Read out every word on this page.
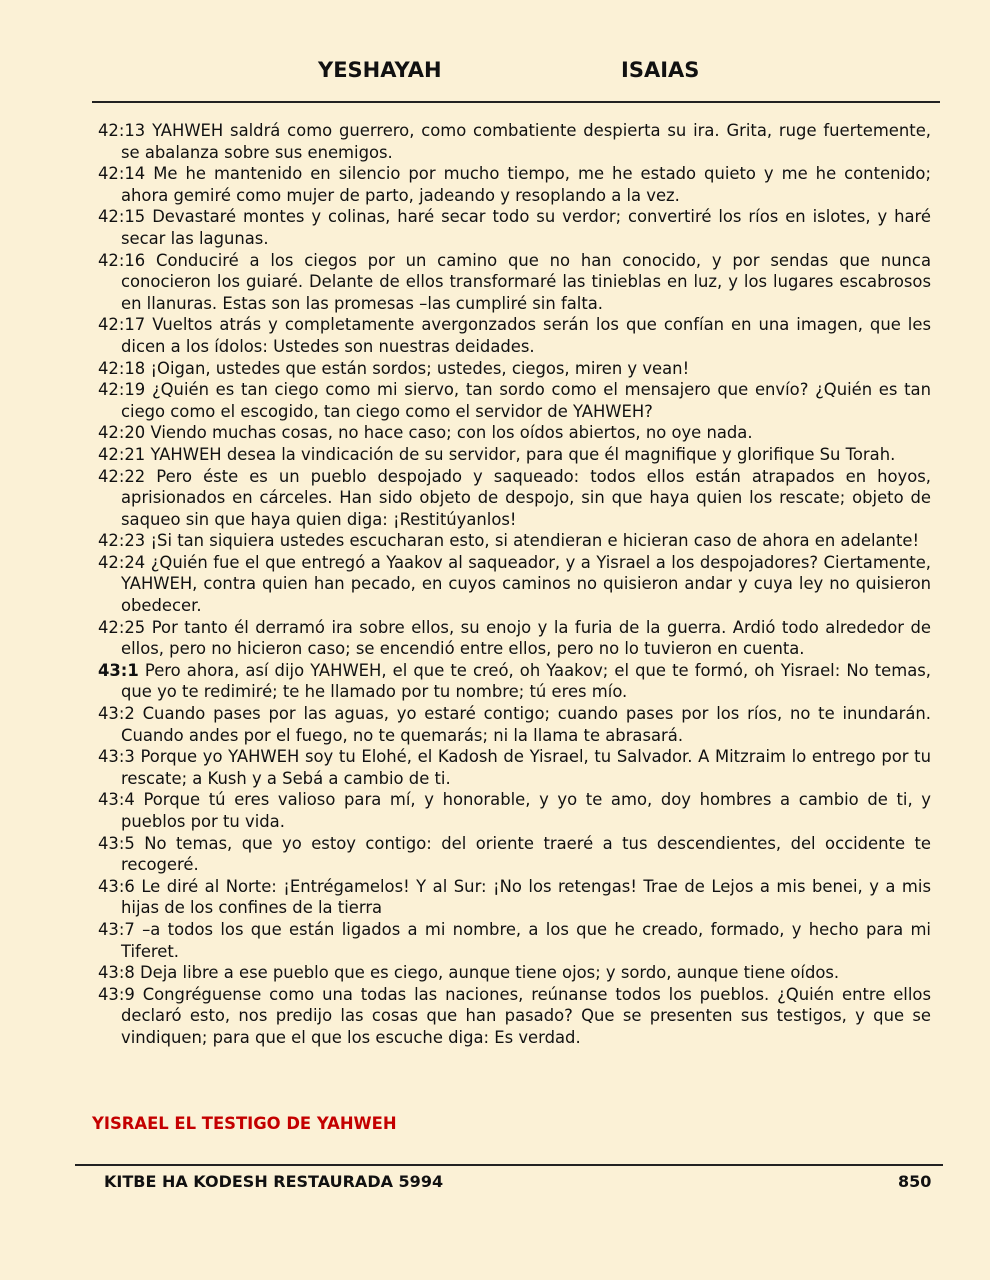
YESHAYAH	ISAIAS

42:13 YAHWEH saldrá como guerrero, como combatiente despierta su ira. Grita, ruge fuertemente, se abalanza sobre sus enemigos.

42:14 Me he mantenido en silencio por mucho tiempo, me he estado quieto y me he contenido; ahora gemiré como mujer de parto, jadeando y resoplando a la vez.

42:15 Devastaré montes y colinas, haré secar todo su verdor; convertiré los ríos en islotes, y haré secar las lagunas.

42:16 Conduciré a los ciegos por un camino que no han conocido, y por sendas que nunca conocieron los guiaré. Delante de ellos transformaré las tinieblas en luz, y los lugares escabrosos en llanuras. Estas son las promesas –las cumpliré sin falta.

42:17 Vueltos atrás y completamente avergonzados serán los que confían en una imagen, que les dicen a los ídolos: Ustedes son nuestras deidades.

42:18 ¡Oigan, ustedes que están sordos; ustedes, ciegos, miren y vean!

42:19 ¿Quién es tan ciego como mi siervo, tan sordo como el mensajero que envío? ¿Quién es tan ciego como el escogido, tan ciego como el servidor de YAHWEH?

42:20 Viendo muchas cosas, no hace caso; con los oídos abiertos, no oye nada.

42:21 YAHWEH desea la vindicación de su servidor, para que él magnifique y glorifique Su Torah.

42:22 Pero éste es un pueblo despojado y saqueado: todos ellos están atrapados en hoyos, aprisionados en cárceles. Han sido objeto de despojo, sin que haya quien los rescate; objeto de saqueo sin que haya quien diga: ¡Restitúyanlos!

42:23 ¡Si tan siquiera ustedes escucharan esto, si atendieran e hicieran caso de ahora en adelante!

42:24 ¿Quién fue el que entregó a Yaakov al saqueador, y a Yisrael a los despojadores? Ciertamente, YAHWEH, contra quien han pecado, en cuyos caminos no quisieron andar y cuya ley no quisieron obedecer.

42:25 Por tanto él derramó ira sobre ellos, su enojo y la furia de la guerra. Ardió todo alrededor de ellos, pero no hicieron caso; se encendió entre ellos, pero no lo tuvieron en cuenta.

43:1 Pero ahora, así dijo YAHWEH, el que te creó, oh Yaakov; el que te formó, oh Yisrael: No temas, que yo te redimiré; te he llamado por tu nombre; tú eres mío.

43:2 Cuando pases por las aguas, yo estaré contigo; cuando pases por los ríos, no te inundarán. Cuando andes por el fuego, no te quemarás; ni la llama te abrasará.

43:3 Porque yo YAHWEH soy tu Elohé, el Kadosh de Yisrael, tu Salvador. A Mitzraim lo entrego por tu rescate; a Kush y a Sebá a cambio de ti.

43:4 Porque tú eres valioso para mí, y honorable, y yo te amo, doy hombres a cambio de ti, y pueblos por tu vida.

43:5 No temas, que yo estoy contigo: del oriente traeré a tus descendientes, del occidente te recogeré.

43:6 Le diré al Norte: ¡Entrégamelos! Y al Sur: ¡No los retengas! Trae de Lejos a mis benei, y a mis hijas de los confines de la tierra

43:7 –a todos los que están ligados a mi nombre, a los que he creado, formado, y hecho para mi Tiferet.

43:8 Deja libre a ese pueblo que es ciego, aunque tiene ojos; y sordo, aunque tiene oídos.

43:9 Congréguense como una todas las naciones, reúnanse todos los pueblos. ¿Quién entre ellos declaró esto, nos predijo las cosas que han pasado? Que se presenten sus testigos, y que se vindiquen; para que el que los escuche diga: Es verdad.

YISRAEL EL TESTIGO DE YAHWEH
KITBE HA KODESH RESTAURADA 5994	850
